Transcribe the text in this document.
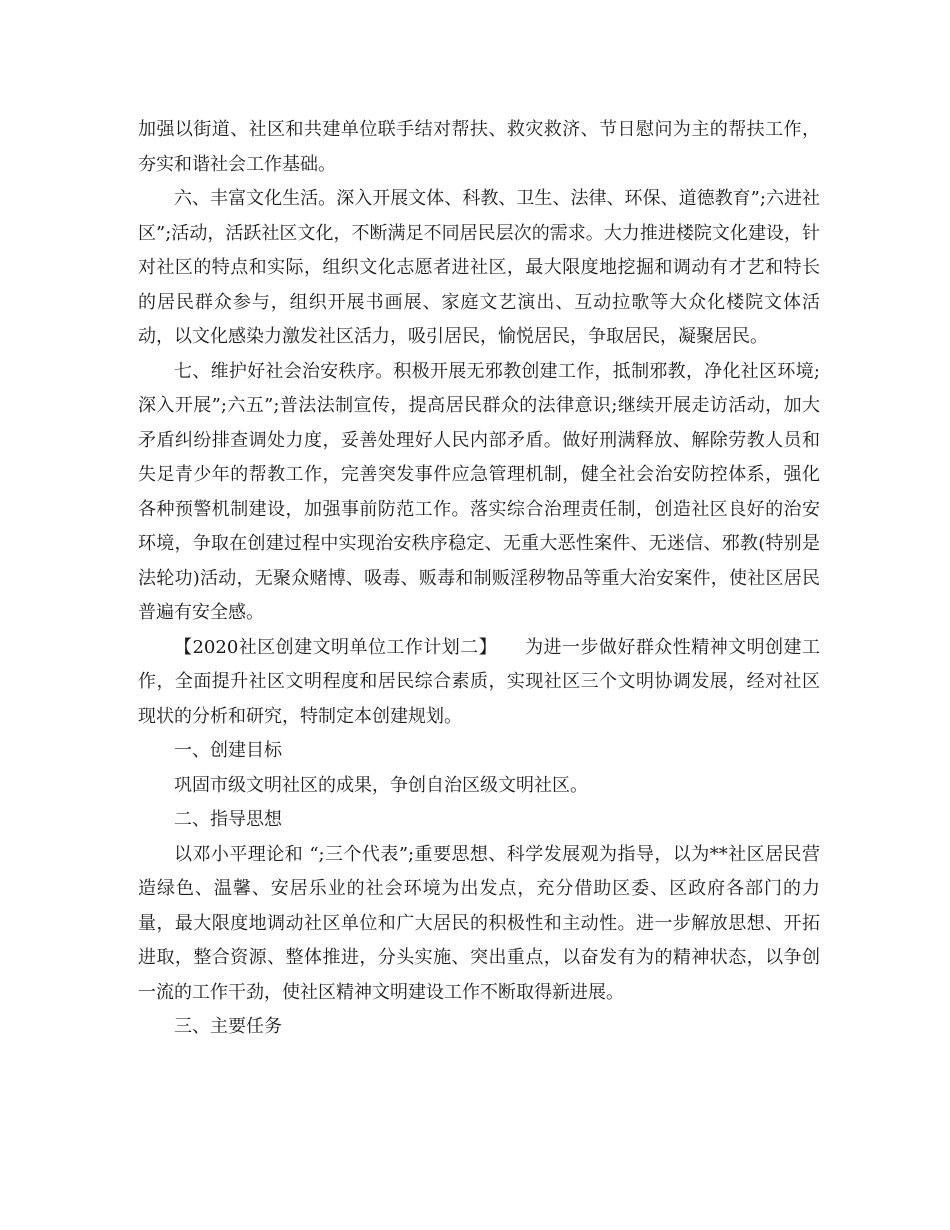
加强以街道、社区和共建单位联手结对帮扶、救灾救济、节日慰问为主的帮扶工作，夯实和谐社会工作基础。

六、丰富文化生活。深入开展文体、科教、卫生、法律、环保、道德教育”;六进社区”;活动，活跃社区文化，不断满足不同居民层次的需求。大力推进楼院文化建设，针对社区的特点和实际，组织文化志愿者进社区，最大限度地挖掘和调动有才艺和特长的居民群众参与，组织开展书画展、家庭文艺演出、互动拉歌等大众化楼院文体活动，以文化感染力激发社区活力，吸引居民，愉悦居民，争取居民，凝聚居民。

七、维护好社会治安秩序。积极开展无邪教创建工作，抵制邪教，净化社区环境;深入开展”;六五”;普法法制宣传，提高居民群众的法律意识;继续开展走访活动，加大矛盾纠纷排查调处力度，妥善处理好人民内部矛盾。做好刑满释放、解除劳教人员和失足青少年的帮教工作，完善突发事件应急管理机制，健全社会治安防控体系，强化各种预警机制建设，加强事前防范工作。落实综合治理责任制，创造社区良好的治安环境，争取在创建过程中实现治安秩序稳定、无重大恶性案件、无迷信、邪教(特别是法轮功)活动，无聚众赌博、吸毒、贩毒和制贩淫秽物品等重大治安案件，使社区居民普遍有安全感。

【2020社区创建文明单位工作计划二】　　为进一步做好群众性精神文明创建工作，全面提升社区文明程度和居民综合素质，实现社区三个文明协调发展，经对社区现状的分析和研究，特制定本创建规划。

一、创建目标

巩固市级文明社区的成果，争创自治区级文明社区。

二、指导思想

以邓小平理论和 “;三个代表”;重要思想、科学发展观为指导，以为**社区居民营造绿色、温馨、安居乐业的社会环境为出发点，充分借助区委、区政府各部门的力量，最大限度地调动社区单位和广大居民的积极性和主动性。进一步解放思想、开拓进取，整合资源、整体推进，分头实施、突出重点，以奋发有为的精神状态，以争创一流的工作干劲，使社区精神文明建设工作不断取得新进展。

三、主要任务
